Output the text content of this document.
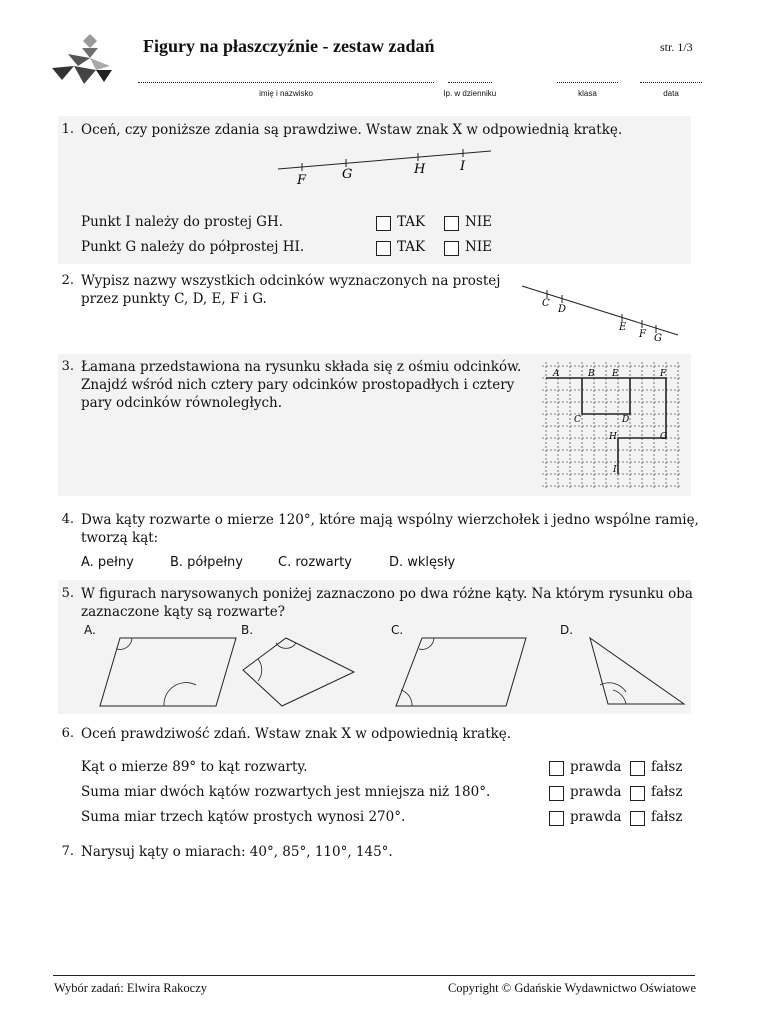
Figury na płaszczyźnie - zestaw zadań	str. 1/3
imię i nazwisko	lp. w dzienniku	klasa	data
1. Oceń, czy poniższe zdania są prawdziwe. Wstaw znak X w odpowiednią kratkę.
F	G	H	I
Punkt I należy do prostej GH.	TAK	NIE
Punkt G należy do półprostej HI.	TAK	NIE
2. Wypisz nazwy wszystkich odcinków wyznaczonych na prostej
przez punkty C, D, E, F i G.	C
D
E
F G
3. Łamana przedstawiona na rysunku składa się z ośmiu odcinków.
Znajdź wśród nich cztery pary odcinków prostopadłych i cztery
pary odcinków równoległych.
A	B E	F
C	D
H	G
I
4. Dwa kąty rozwarte o mierze 120°, które mają wspólny wierzchołek i jedno wspólne ramię,
tworzą kąt:
A. pełny	B. półpełny	C. rozwarty	D. wklęsły
5. W figurach narysowanych poniżej zaznaczono po dwa różne kąty. Na którym rysunku oba
zaznaczone kąty są rozwarte?
A.	B.	C.	D.
6. Oceń prawdziwość zdań. Wstaw znak X w odpowiednią kratkę.
Kąt o mierze 89° to kąt rozwarty.	prawda fałsz
Suma miar dwóch kątów rozwartych jest mniejsza niż 180°.	prawda fałsz
Suma miar trzech kątów prostych wynosi 270°.	prawda fałsz
7. Narysuj kąty o miarach: 40°, 85°, 110°, 145°.
Wybór zadań: Elwira Rakoczy	Copyright © Gdańskie Wydawnictwo Oświatowe
